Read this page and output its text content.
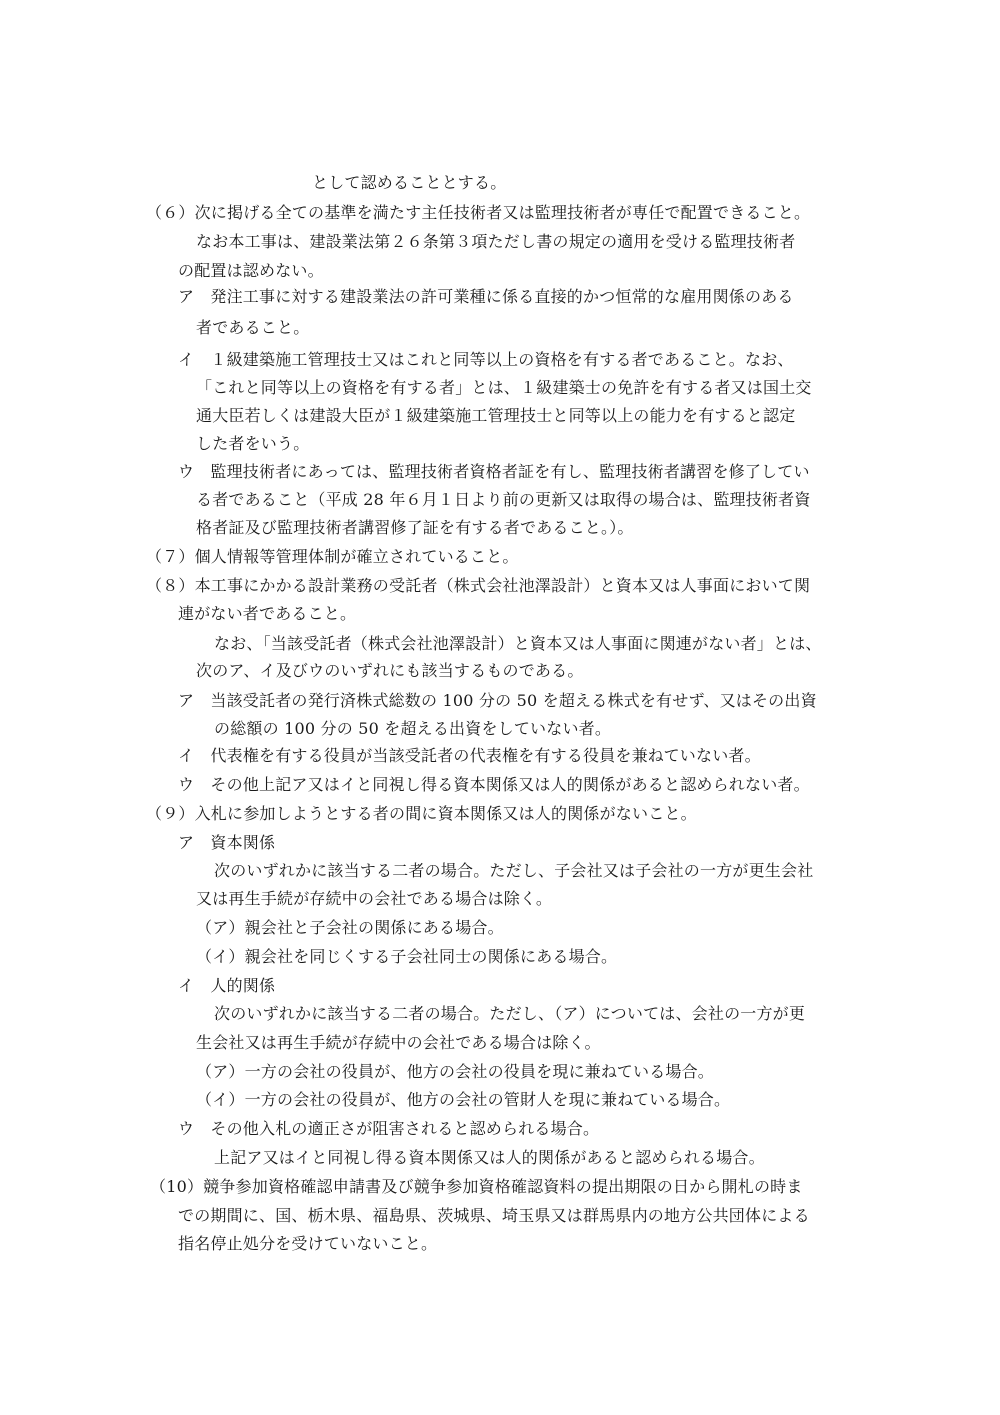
として認めることとする。
（６）次に掲げる全ての基準を満たす主任技術者又は監理技術者が専任で配置できること。
なお本工事は、建設業法第２６条第３項ただし書の規定の適用を受ける監理技術者
の配置は認めない。
ア　発注工事に対する建設業法の許可業種に係る直接的かつ恒常的な雇用関係のある
者であること。
イ　１級建築施工管理技士又はこれと同等以上の資格を有する者であること。なお、
「これと同等以上の資格を有する者」とは、１級建築士の免許を有する者又は国土交
通大臣若しくは建設大臣が１級建築施工管理技士と同等以上の能力を有すると認定
した者をいう。
ウ　監理技術者にあっては、監理技術者資格者証を有し、監理技術者講習を修了してい
る者であること（平成 28 年６月１日より前の更新又は取得の場合は、監理技術者資
格者証及び監理技術者講習修了証を有する者であること。）。
（７）個人情報等管理体制が確立されていること。
（８）本工事にかかる設計業務の受託者（株式会社池澤設計）と資本又は人事面において関
連がない者であること。
なお、「当該受託者（株式会社池澤設計）と資本又は人事面に関連がない者」とは、
次のア、イ及びウのいずれにも該当するものである。
ア　当該受託者の発行済株式総数の 100 分の 50 を超える株式を有せず、又はその出資
の総額の 100 分の 50 を超える出資をしていない者。
イ　代表権を有する役員が当該受託者の代表権を有する役員を兼ねていない者。
ウ　その他上記ア又はイと同視し得る資本関係又は人的関係があると認められない者。
（９）入札に参加しようとする者の間に資本関係又は人的関係がないこと。
ア　資本関係
次のいずれかに該当する二者の場合。ただし、子会社又は子会社の一方が更生会社
又は再生手続が存続中の会社である場合は除く。
（ア）親会社と子会社の関係にある場合。
（イ）親会社を同じくする子会社同士の関係にある場合。
イ　人的関係
次のいずれかに該当する二者の場合。ただし、（ア）については、会社の一方が更
生会社又は再生手続が存続中の会社である場合は除く。
（ア）一方の会社の役員が、他方の会社の役員を現に兼ねている場合。
（イ）一方の会社の役員が、他方の会社の管財人を現に兼ねている場合。
ウ　その他入札の適正さが阻害されると認められる場合。
上記ア又はイと同視し得る資本関係又は人的関係があると認められる場合。
（10）競争参加資格確認申請書及び競争参加資格確認資料の提出期限の日から開札の時ま
での期間に、国、栃木県、福島県、茨城県、埼玉県又は群馬県内の地方公共団体による
指名停止処分を受けていないこと。
